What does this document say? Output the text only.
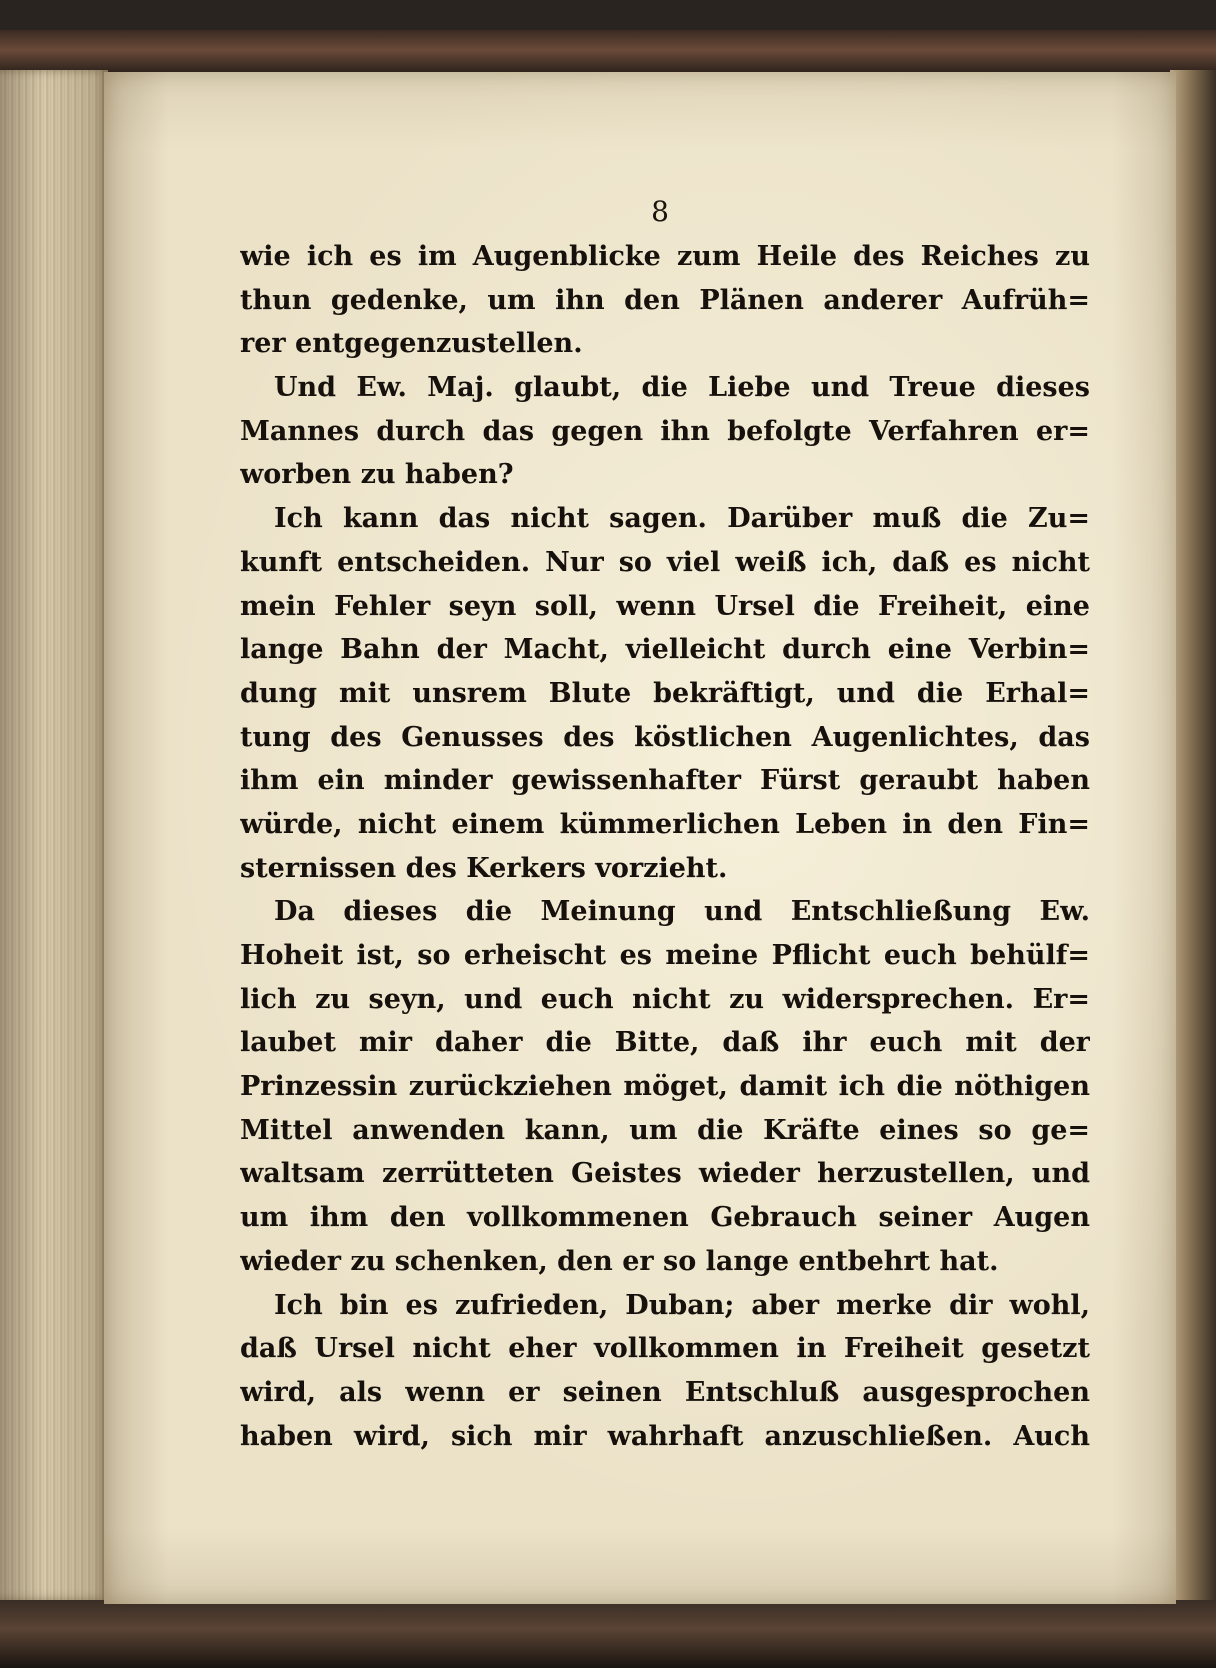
8
wie ich es im Augenblicke zum Heile des Reiches zu
thun gedenke, um ihn den Plänen anderer Aufrüh=
rer entgegenzustellen.
Und Ew. Maj. glaubt, die Liebe und Treue dieses
Mannes durch das gegen ihn befolgte Verfahren er=
worben zu haben?
Ich kann das nicht sagen. Darüber muß die Zu=
kunft entscheiden. Nur so viel weiß ich, daß es nicht
mein Fehler seyn soll, wenn Ursel die Freiheit, eine
lange Bahn der Macht, vielleicht durch eine Verbin=
dung mit unsrem Blute bekräftigt, und die Erhal=
tung des Genusses des köstlichen Augenlichtes, das
ihm ein minder gewissenhafter Fürst geraubt haben
würde, nicht einem kümmerlichen Leben in den Fin=
sternissen des Kerkers vorzieht.
Da dieses die Meinung und Entschließung Ew.
Hoheit ist, so erheischt es meine Pflicht euch behülf=
lich zu seyn, und euch nicht zu widersprechen. Er=
laubet mir daher die Bitte, daß ihr euch mit der
Prinzessin zurückziehen möget, damit ich die nöthigen
Mittel anwenden kann, um die Kräfte eines so ge=
waltsam zerrütteten Geistes wieder herzustellen, und
um ihm den vollkommenen Gebrauch seiner Augen
wieder zu schenken, den er so lange entbehrt hat.
Ich bin es zufrieden, Duban; aber merke dir wohl,
daß Ursel nicht eher vollkommen in Freiheit gesetzt
wird, als wenn er seinen Entschluß ausgesprochen
haben wird, sich mir wahrhaft anzuschließen. Auch
